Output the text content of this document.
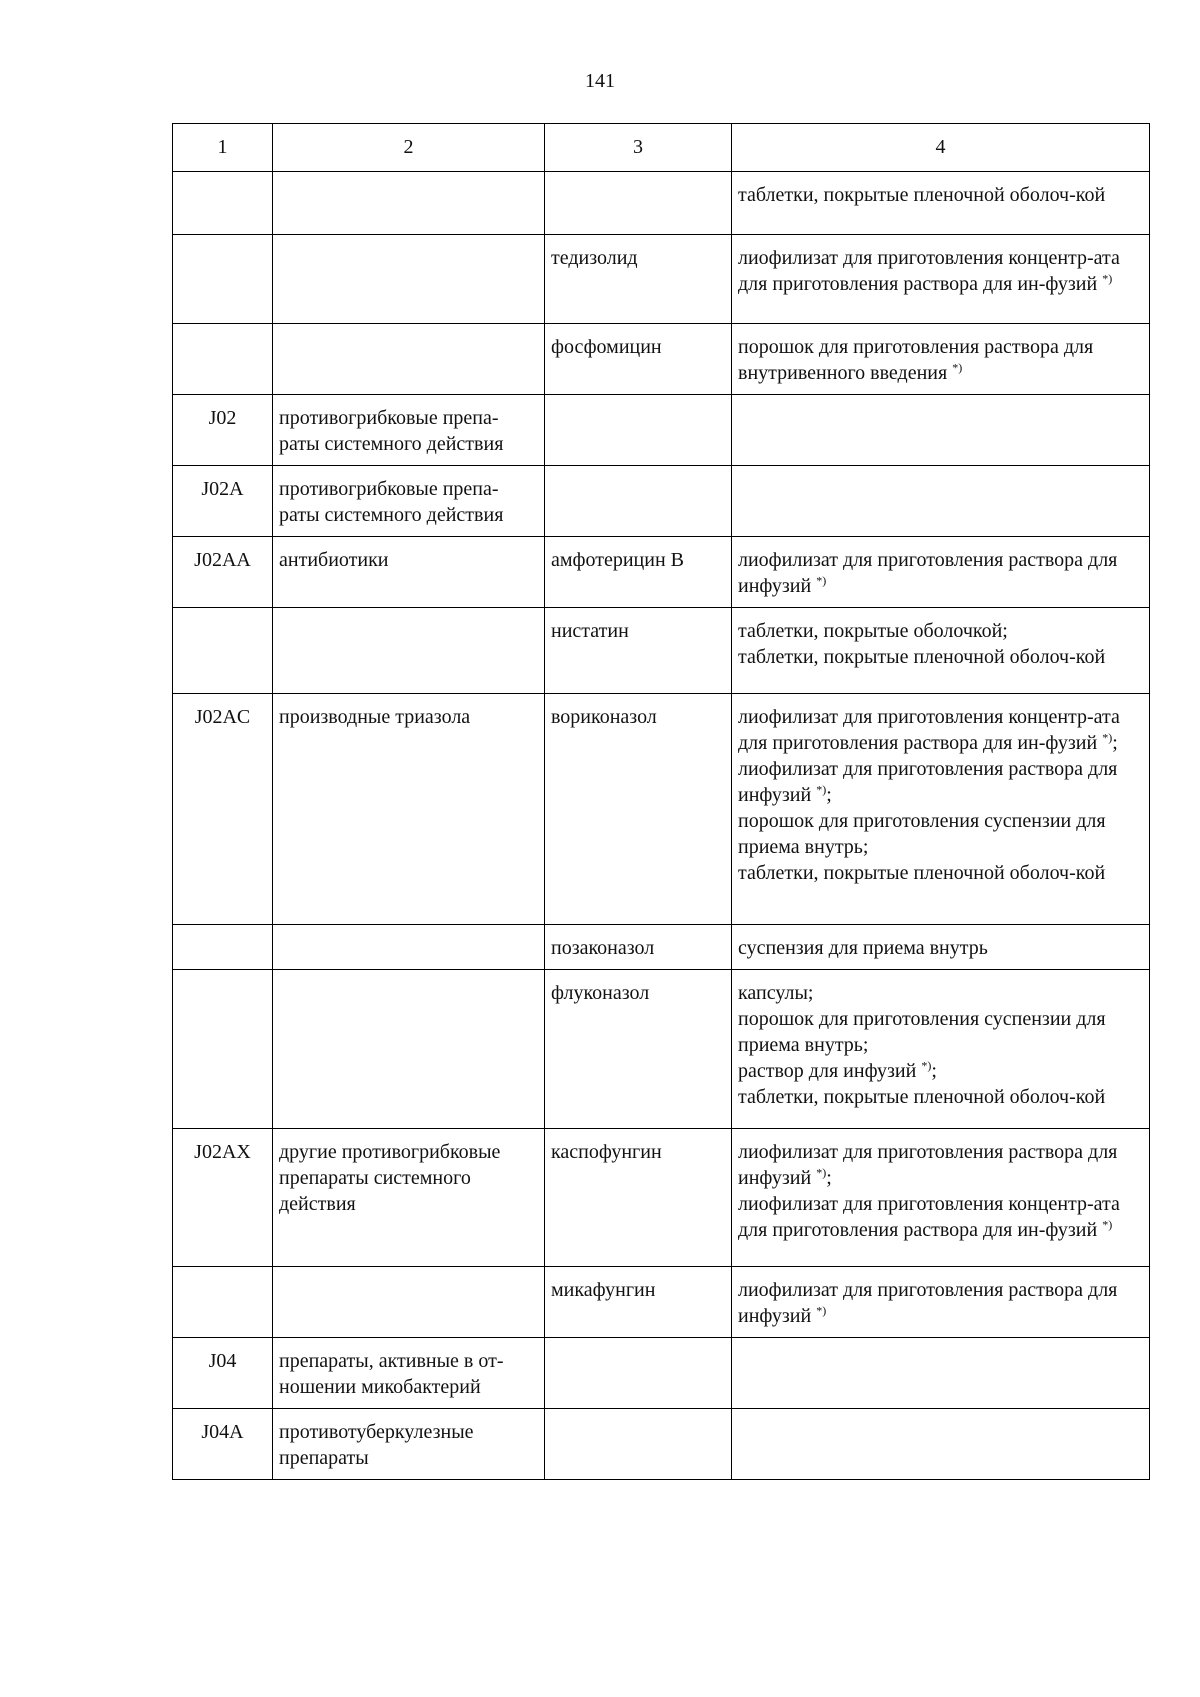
141
1	2	3	4

			таблетки, покрытые пленочной оболоч-кой

		тедизолид	лиофилизат для приготовления концентр-ата для приготовления раствора для ин-фузий *)

		фосфомицин	порошок для приготовления раствора для внутривенного введения *)

J02	противогрибковые препа-раты системного действия		
J02A	противогрибковые препа-раты системного действия		
J02AA	антибиотики	амфотерицин В	лиофилизат для приготовления раствора для инфузий *)

		нистатин	таблетки, покрытые оболочкой;
таблетки, покрытые пленочной оболоч-кой

J02AC	производные триазола	вориконазол	лиофилизат для приготовления концентр-ата для приготовления раствора для ин-фузий *);
лиофилизат для приготовления раствора для инфузий *);
порошок для приготовления суспензии для приема внутрь;
таблетки, покрытые пленочной оболоч-кой

		позаконазол	суспензия для приема внутрь

		флуконазол	капсулы;
порошок для приготовления суспензии для приема внутрь;
раствор для инфузий *);
таблетки, покрытые пленочной оболоч-кой

J02AX	другие противогрибковые препараты системного действия	каспофунгин	лиофилизат для приготовления раствора для инфузий *);
лиофилизат для приготовления концентр-ата для приготовления раствора для ин-фузий *)

		микафунгин	лиофилизат для приготовления раствора для инфузий *)

J04	препараты, активные в от-ношении микобактерий		
J04A	противотуберкулезные препараты		
